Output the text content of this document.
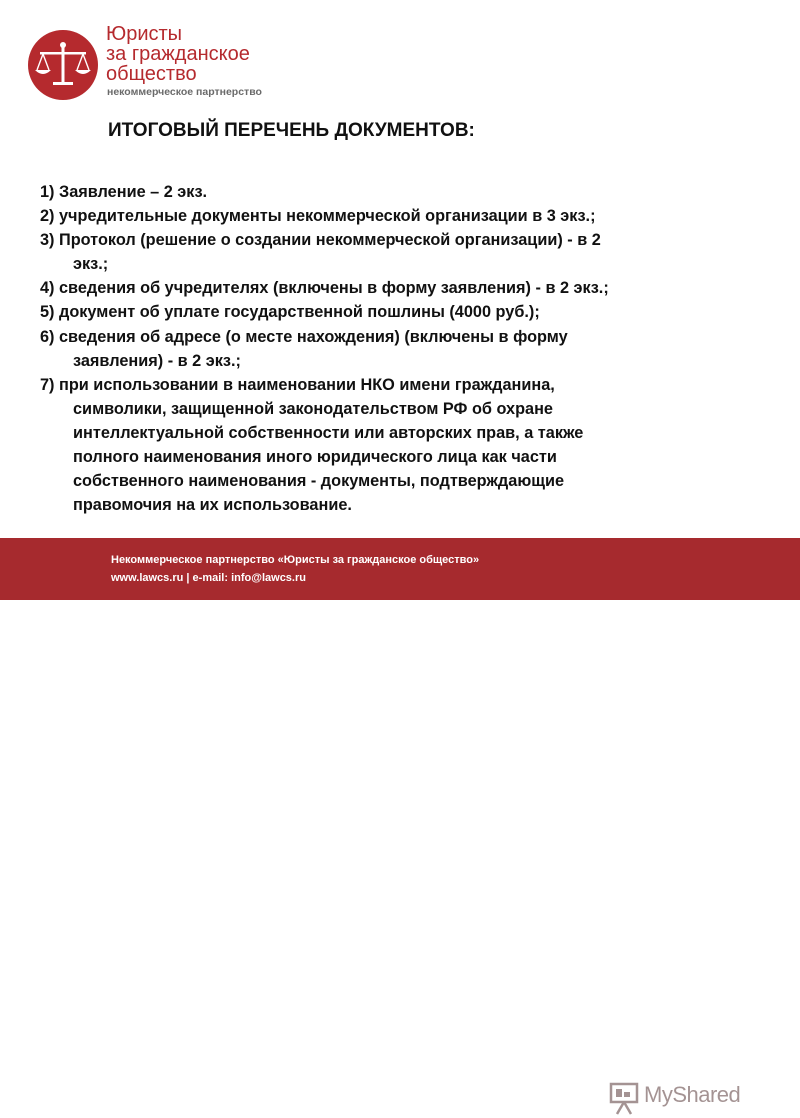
Юристы
за гражданское
общество
некоммерческое партнерство
ИТОГОВЫЙ ПЕРЕЧЕНЬ ДОКУМЕНТОВ:
1) Заявление – 2 экз.
2) учредительные документы некоммерческой организации в 3 экз.;
3) Протокол (решение о создании некоммерческой организации) - в 2
экз.;
4) сведения об учредителях (включены в форму заявления) - в 2 экз.;
5) документ об уплате государственной пошлины (4000 руб.);
6) сведения об адресе (о месте нахождения) (включены в форму
заявления) - в 2 экз.;
7) при использовании в наименовании НКО имени гражданина,
символики, защищенной законодательством РФ об охране
интеллектуальной собственности или авторских прав, а также
полного наименования иного юридического лица как части
собственного наименования - документы, подтверждающие
правомочия на их использование.
Некоммерческое партнерство «Юристы за гражданское общество»
www.lawcs.ru | e-mail: info@lawcs.ru
MyShared
